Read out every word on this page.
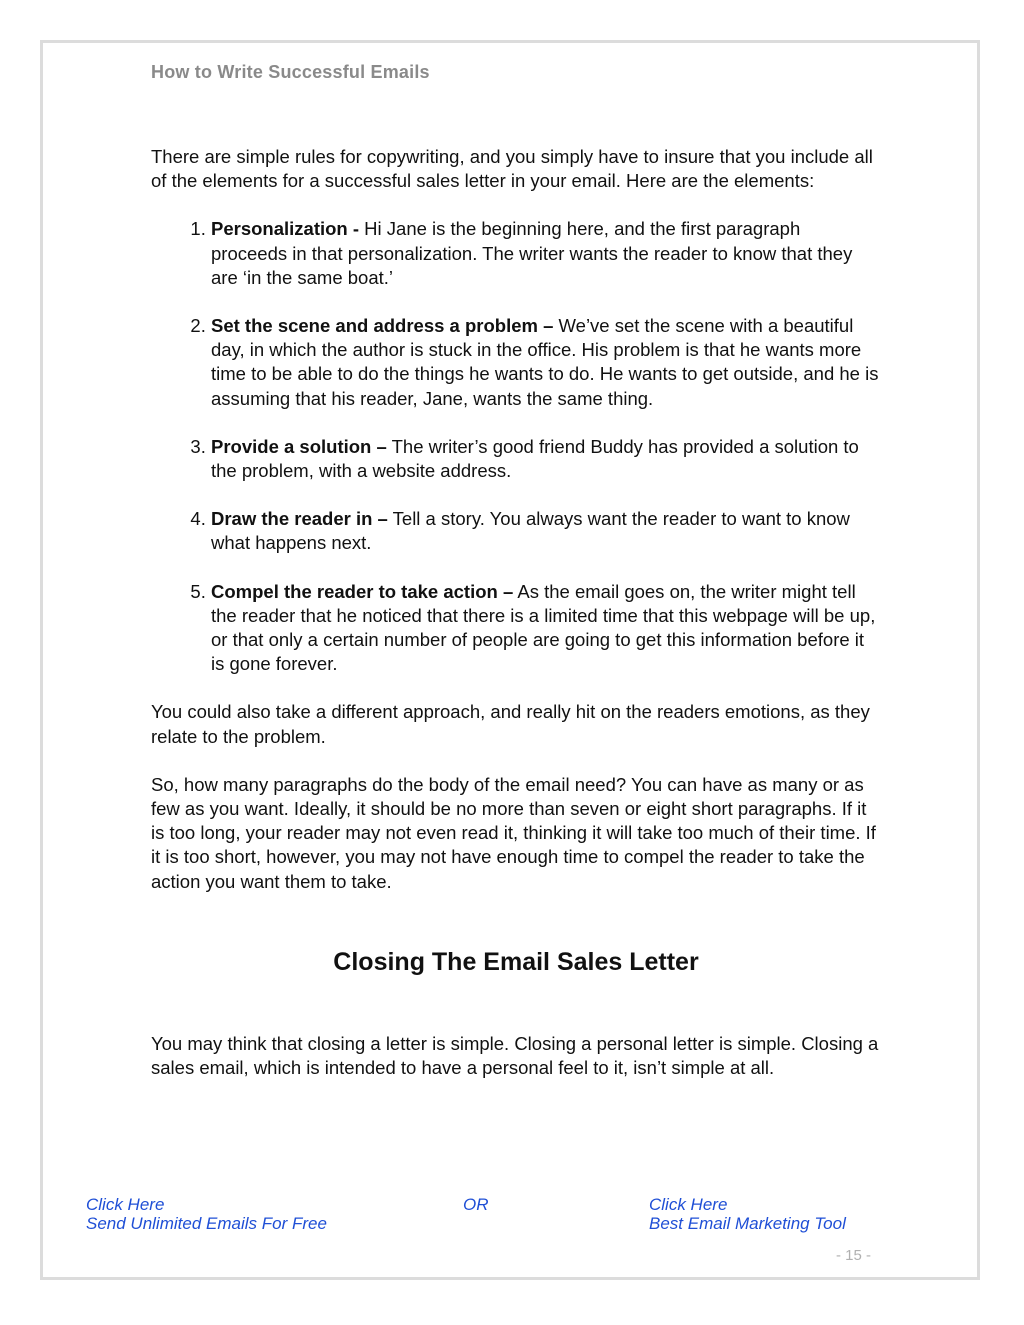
How to Write Successful Emails

There are simple rules for copywriting, and you simply have to insure that you include all of the elements for a successful sales letter in your email. Here are the elements:

1. Personalization - Hi Jane is the beginning here, and the first paragraph proceeds in that personalization. The writer wants the reader to know that they are ‘in the same boat.’
2. Set the scene and address a problem – We’ve set the scene with a beautiful day, in which the author is stuck in the office. His problem is that he wants more time to be able to do the things he wants to do. He wants to get outside, and he is assuming that his reader, Jane, wants the same thing.
3. Provide a solution – The writer’s good friend Buddy has provided a solution to the problem, with a website address.
4. Draw the reader in – Tell a story. You always want the reader to want to know what happens next.
5. Compel the reader to take action – As the email goes on, the writer might tell the reader that he noticed that there is a limited time that this webpage will be up, or that only a certain number of people are going to get this information before it is gone forever.

You could also take a different approach, and really hit on the readers emotions, as they relate to the problem.

So, how many paragraphs do the body of the email need? You can have as many or as few as you want. Ideally, it should be no more than seven or eight short paragraphs. If it is too long, your reader may not even read it, thinking it will take too much of their time. If it is too short, however, you may not have enough time to compel the reader to take the action you want them to take.

Closing The Email Sales Letter

You may think that closing a letter is simple. Closing a personal letter is simple. Closing a sales email, which is intended to have a personal feel to it, isn’t simple at all.

Click Here
Send Unlimited Emails For Free
OR	Click Here
Best Email Marketing Tool
- 15 -
